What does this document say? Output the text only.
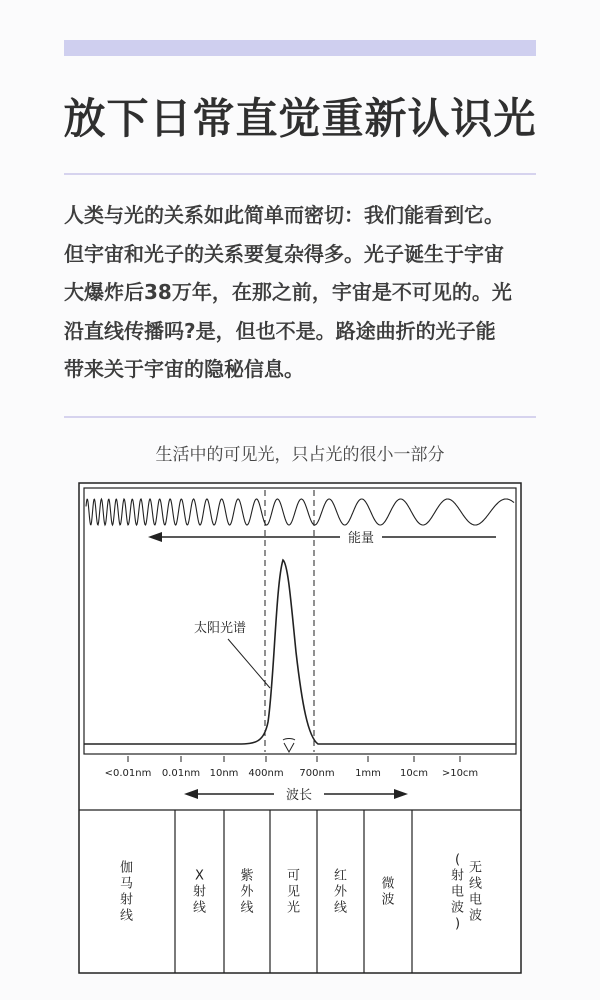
放下日常直觉重新认识光
人类与光的关系如此简单而密切：我们能看到它。
但宇宙和光子的关系要复杂得多。光子诞生于宇宙
大爆炸后38万年，在那之前，宇宙是不可见的。光
沿直线传播吗?是，但也不是。路途曲折的光子能
带来关于宇宙的隐秘信息。
生活中的可见光，只占光的很小一部分
能量
太阳光谱
<0.01nm 0.01nm 10nm 400nm 700nm 1mm 10cm >10cm
波长
伽
马
射
线
X
射
线
紫
外
线
可
见
光
红
外
线
微
波
无
线
电
波
(
射
电
波
)
